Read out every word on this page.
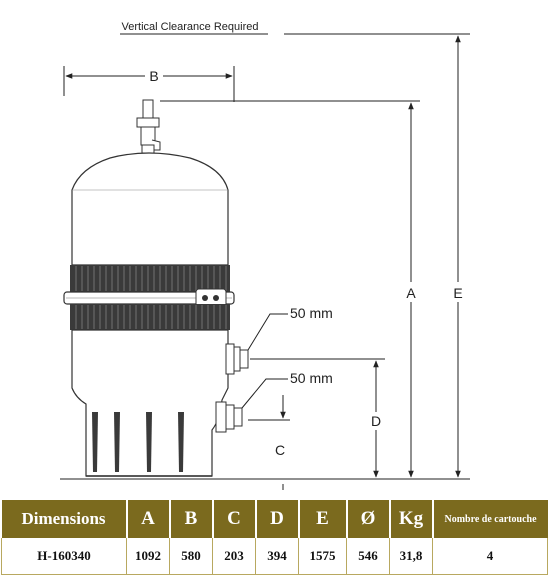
Vertical Clearance Required
B
A	E
D
C
50 mm
50 mm
Dimensions	A	B	C	D	E	Ø	Kg	Nombre de cartouche
H-160340	1092	580	203	394	1575	546	31,8	4
